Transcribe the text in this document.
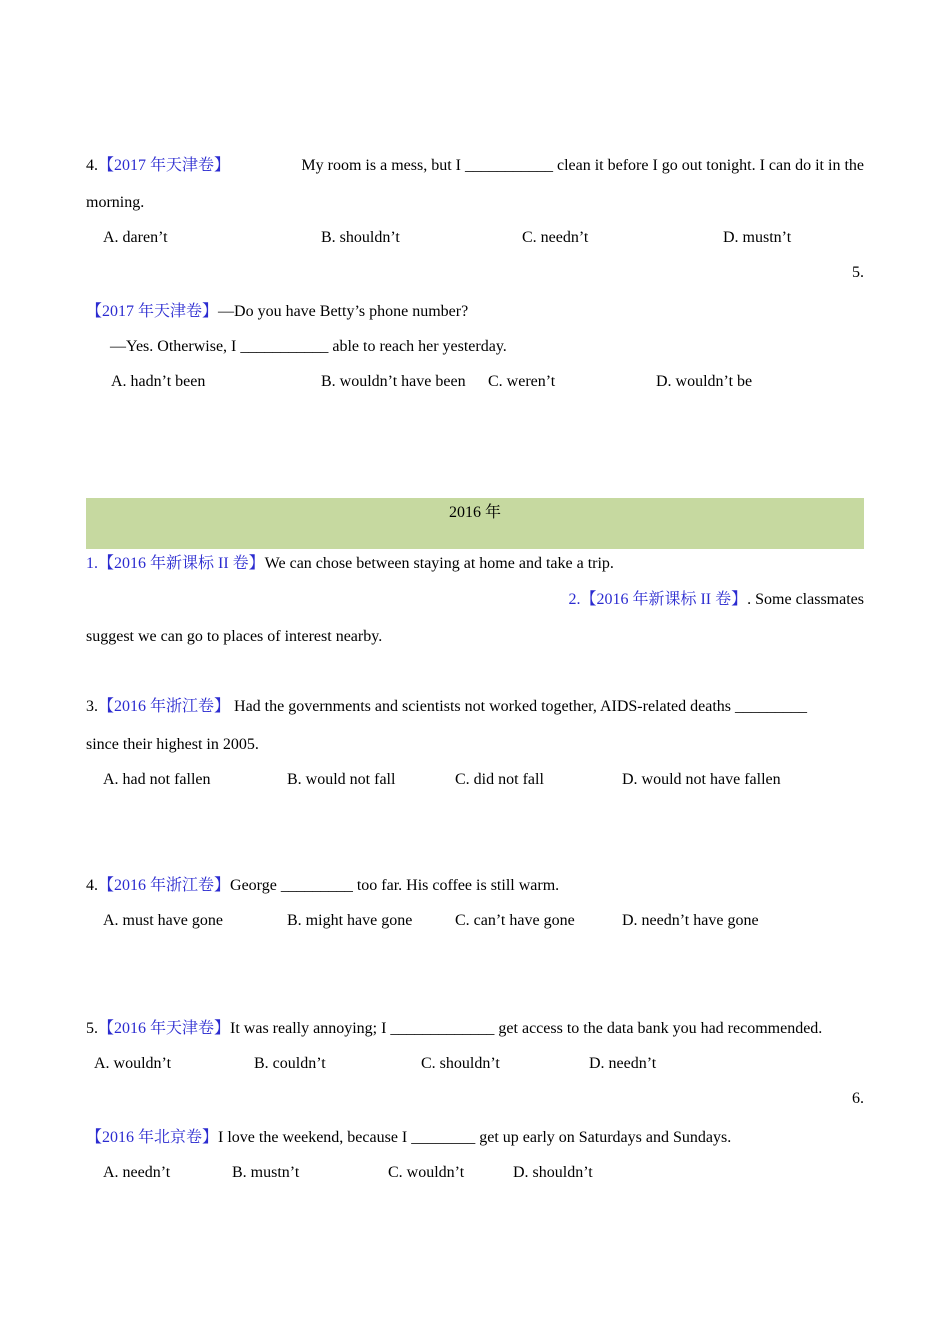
4.【2017 年天津卷】	My room is a mess, but I ___________ clean it before I go out tonight. I can do it in the
morning.
A. daren’t	B. shouldn’t	C. needn’t	D. mustn’t
5.
【2017 年天津卷】—Do you have Betty’s phone number?
—Yes. Otherwise, I ___________ able to reach her yesterday.
A. hadn’t been	B. wouldn’t have been C. weren’t	D. wouldn’t be
2016 年
1.【2016 年新课标 II 卷】We can chose between staying at home and take a trip.
2.【2016 年新课标 II 卷】. Some classmates
suggest we can go to places of interest nearby.
3.【2016 年浙江卷】 Had the governments and scientists not worked together, AIDS-related deaths _________
since their highest in 2005.
A. had not fallen	B. would not fall	C. did not fall	D. would not have fallen
4.【2016 年浙江卷】George _________ too far. His coffee is still warm.
A. must have gone	B. might have gone	C. can’t have gone	D. needn’t have gone
5.【2016 年天津卷】It was really annoying; I _____________ get access to the data bank you had recommended.
A. wouldn’t	B. couldn’t	C. shouldn’t	D. needn’t
6.
【2016 年北京卷】I love the weekend, because I ________ get up early on Saturdays and Sundays.
A. needn’t	B. mustn’t	C. wouldn’t	D. shouldn’t
